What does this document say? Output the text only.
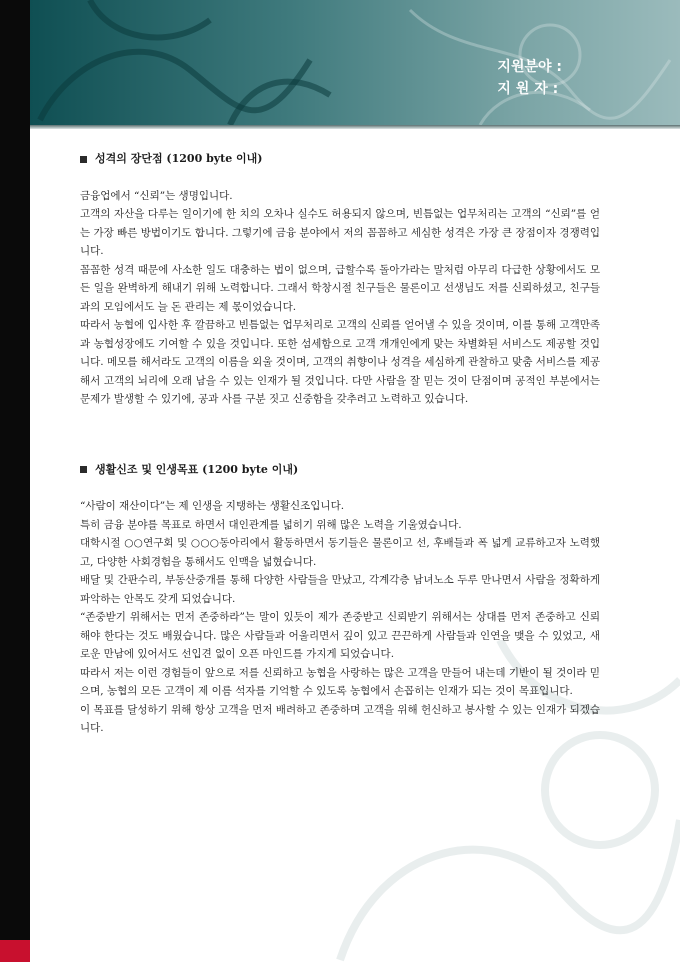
지원분야 :
지 원 자 :
성격의 장단점 (1200 byte 이내)

금융업에서 “신뢰”는 생명입니다.

고객의 자산을 다루는 일이기에 한 치의 오차나 실수도 허용되지 않으며, 빈틈없는 업무처리는 고객의 “신뢰”를 얻는 가장 빠른 방법이기도 합니다. 그렇기에 금융 분야에서 저의 꼼꼼하고 세심한 성격은 가장 큰 장점이자 경쟁력입니다.

꼼꼼한 성격 때문에 사소한 일도 대충하는 법이 없으며, 급할수록 돌아가라는 말처럼 아무리 다급한 상황에서도 모든 일을 완벽하게 해내기 위해 노력합니다. 그래서 학창시절 친구들은 물론이고 선생님도 저를 신뢰하셨고, 친구들과의 모임에서도 늘 돈 관리는 제 몫이었습니다.

따라서 농협에 입사한 후 깔끔하고 빈틈없는 업무처리로 고객의 신뢰를 얻어낼 수 있을 것이며, 이를 통해 고객만족과 농협성장에도 기여할 수 있을 것입니다. 또한 섬세함으로 고객 개개인에게 맞는 차별화된 서비스도 제공할 것입니다. 메모를 해서라도 고객의 이름을 외울 것이며, 고객의 취향이나 성격을 세심하게 관찰하고 맞춤 서비스를 제공해서 고객의 뇌리에 오래 남을 수 있는 인재가 될 것입니다. 다만 사람을 잘 믿는 것이 단점이며 공적인 부분에서는 문제가 발생할 수 있기에, 공과 사를 구분 짓고 신중함을 갖추려고 노력하고 있습니다.

생활신조 및 인생목표 (1200 byte 이내)

“사람이 재산이다”는 제 인생을 지탱하는 생활신조입니다.

특히 금융 분야를 목표로 하면서 대인관계를 넓히기 위해 많은 노력을 기울였습니다.

대학시절 ○○연구회 및 ○○○동아리에서 활동하면서 동기들은 물론이고 선, 후배들과 폭 넓게 교류하고자 노력했고, 다양한 사회경험을 통해서도 인맥을 넓혔습니다.

배달 및 간판수리, 부동산중개를 통해 다양한 사람들을 만났고, 각계각층 남녀노소 두루 만나면서 사람을 정확하게 파악하는 안목도 갖게 되었습니다.

“존중받기 위해서는 먼저 존중하라”는 말이 있듯이 제가 존중받고 신뢰받기 위해서는 상대를 먼저 존중하고 신뢰해야 한다는 것도 배웠습니다. 많은 사람들과 어울리면서 깊이 있고 끈끈하게 사람들과 인연을 맺을 수 있었고, 새로운 만남에 있어서도 선입견 없이 오픈 마인드를 가지게 되었습니다.

따라서 저는 이런 경험들이 앞으로 저를 신뢰하고 농협을 사랑하는 많은 고객을 만들어 내는데 기반이 될 것이라 믿으며, 농협의 모든 고객이 제 이름 석자를 기억할 수 있도록 농협에서 손꼽히는 인재가 되는 것이 목표입니다.

이 목표를 달성하기 위해 항상 고객을 먼저 배려하고 존중하며 고객을 위해 헌신하고 봉사할 수 있는 인재가 되겠습니다.
